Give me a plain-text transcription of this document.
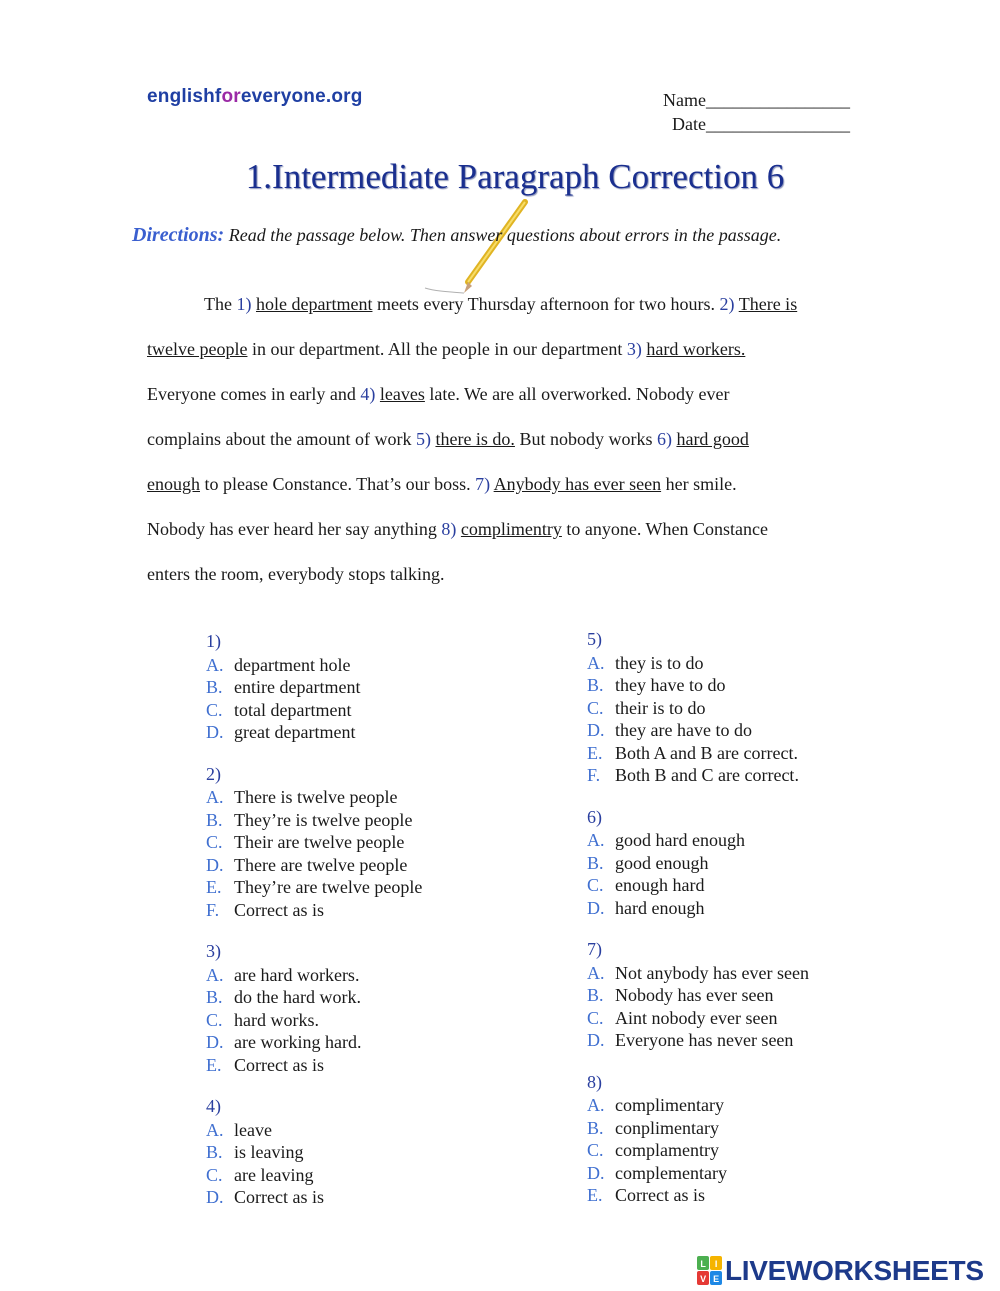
englishforeveryone.org	Name________________
Date________________
1.Intermediate Paragraph Correction 6
Directions: Read the passage below. Then answer questions about errors in the passage.
The 1) hole department meets every Thursday afternoon for two hours. 2) There is
twelve people in our department. All the people in our department 3) hard workers.
Everyone comes in early and 4) leaves late. We are all overworked. Nobody ever
complains about the amount of work 5) there is do. But nobody works 6) hard good
enough to please Constance. That’s our boss. 7) Anybody has ever seen her smile.
Nobody has ever heard her say anything 8) complimentry to anyone. When Constance
enters the room, everybody stops talking.
1)
A. department hole
B. entire department
C. total department
D. great department
2)
A. There is twelve people
B. They’re is twelve people
C. Their are twelve people
D. There are twelve people
E. They’re are twelve people
F. Correct as is
3)
A. are hard workers.
B. do the hard work.
C. hard works.
D. are working hard.
E. Correct as is
4)
A. leave
B. is leaving
C. are leaving
D. Correct as is
5)
A. they is to do
B. they have to do
C. their is to do
D. they are have to do
E. Both A and B are correct.
F. Both B and C are correct.
6)
A. good hard enough
B. good enough
C. enough hard
D. hard enough
7)
A. Not anybody has ever seen
B. Nobody has ever seen
C. Aint nobody ever seen
D. Everyone has never seen
8)
A. complimentary
B. conplimentary
C. complamentry
D. complementary
E. Correct as is
L I
V E LIVEWORKSHEETS
